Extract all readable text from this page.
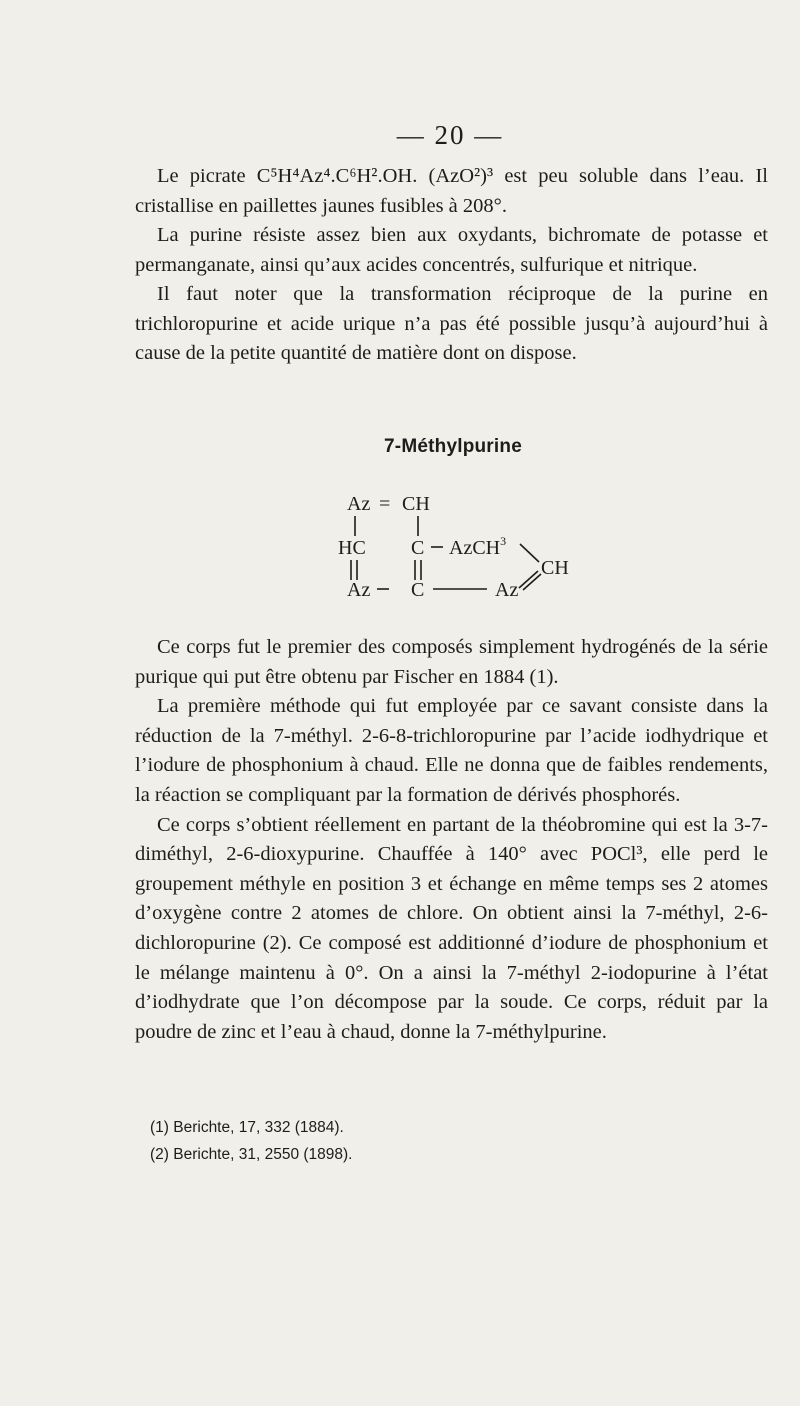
— 20 —

Le picrate C⁵H⁴Az⁴.C⁶H².OH. (AzO²)³ est peu soluble dans l’eau. Il cristallise en paillettes jaunes fusibles à 208°.

La purine résiste assez bien aux oxydants, bichromate de potasse et permanganate, ainsi qu’aux acides concentrés, sulfurique et nitrique.

Il faut noter que la transformation réciproque de la purine en trichloropurine et acide urique n’a pas été possible jusqu’à aujourd’hui à cause de la petite quantité de matière dont on dispose.

7-Méthylpurine
Az = CH
HC C AzCH$^3$
CH
Az C	Az

Ce corps fut le premier des composés simplement hydrogénés de la série purique qui put être obtenu par Fischer en 1884 (1).

La première méthode qui fut employée par ce savant consiste dans la réduction de la 7-méthyl. 2-6-8-trichloropurine par l’acide iodhydrique et l’iodure de phosphonium à chaud. Elle ne donna que de faibles rendements, la réaction se compliquant par la formation de dérivés phosphorés.

Ce corps s’obtient réellement en partant de la théobromine qui est la 3-7-diméthyl, 2-6-dioxypurine. Chauffée à 140° avec POCl³, elle perd le groupement méthyle en position 3 et échange en même temps ses 2 atomes d’oxygène contre 2 atomes de chlore. On obtient ainsi la 7-méthyl, 2-6-dichloropurine (2). Ce composé est additionné d’iodure de phosphonium et le mélange maintenu à 0°. On a ainsi la 7-méthyl 2-iodopurine à l’état d’iodhydrate que l’on décompose par la soude. Ce corps, réduit par la poudre de zinc et l’eau à chaud, donne la 7-méthylpurine.

(1) Berichte, 17, 332 (1884).
(2) Berichte, 31, 2550 (1898).
